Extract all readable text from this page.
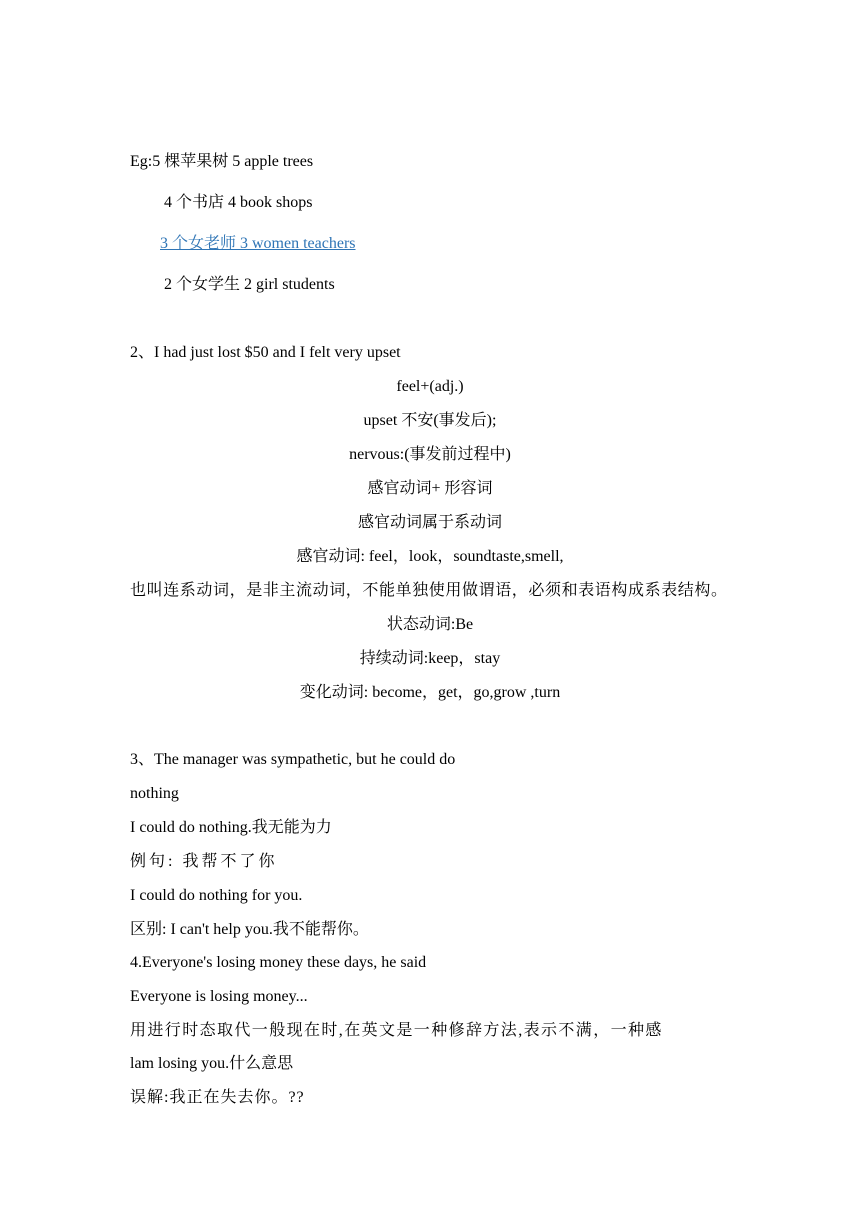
Eg:5 棵苹果树 5 apple trees
4 个书店 4 book shops
3 个女老师 3 women teachers
2 个女学生 2 girl students
2、I had just lost $50 and I felt very upset
feel+(adj.)
upset 不安(事发后);
nervous:(事发前过程中)
感官动词+ 形容词
感官动词属于系动词
感官动词: feel，look，soundtaste,smell,
也叫连系动词，是非主流动词，不能单独使用做谓语，必须和表语构成系表结构。
状态动词:Be
持续动词:keep，stay
变化动词: become，get，go,grow ,turn
3、The manager was sympathetic, but he could do
nothing
I could do nothing.我无能为力
例句: 我帮不了你
I could do nothing for you.
区别: I can't help you.我不能帮你。
4.Everyone's losing money these days, he said
Everyone is losing money...
用进行时态取代一般现在时,在英文是一种修辞方法,表示不满，一种感
lam losing you.什么意思
误解:我正在失去你。??
